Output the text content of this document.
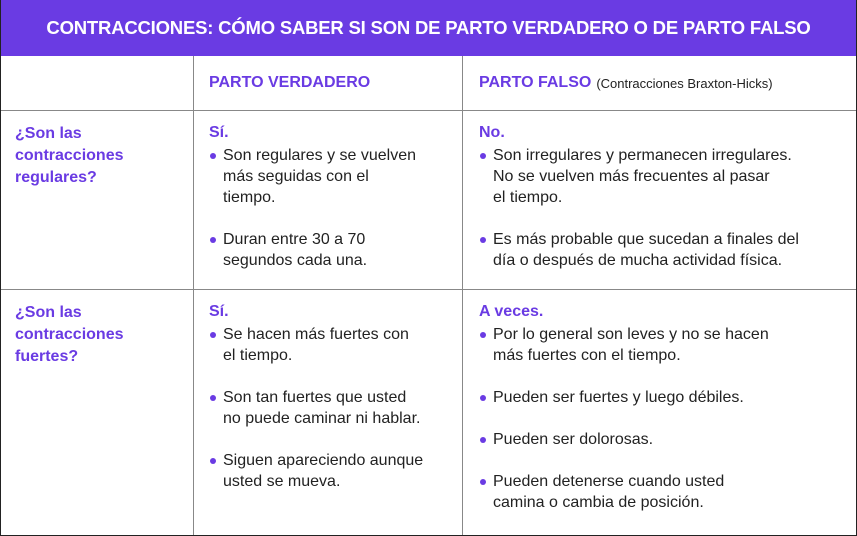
CONTRACCIONES: CÓMO SABER SI SON DE PARTO VERDADERO O DE PARTO FALSO
PARTO VERDADERO	PARTO FALSO (Contracciones Braxton-Hicks)
¿Son las
contracciones
regulares?
Sí.
Son regulares y se vuelven
más seguidas con el
tiempo.
Duran entre 30 a 70
segundos cada una.
No.
Son irregulares y permanecen irregulares.
No se vuelven más frecuentes al pasar
el tiempo.
Es más probable que sucedan a finales del
día o después de mucha actividad física.
¿Son las
contracciones
fuertes?
Sí.
Se hacen más fuertes con
el tiempo.
Son tan fuertes que usted
no puede caminar ni hablar.
Siguen apareciendo aunque
usted se mueva.
A veces.
Por lo general son leves y no se hacen
más fuertes con el tiempo.
Pueden ser fuertes y luego débiles.
Pueden ser dolorosas.
Pueden detenerse cuando usted
camina o cambia de posición.
